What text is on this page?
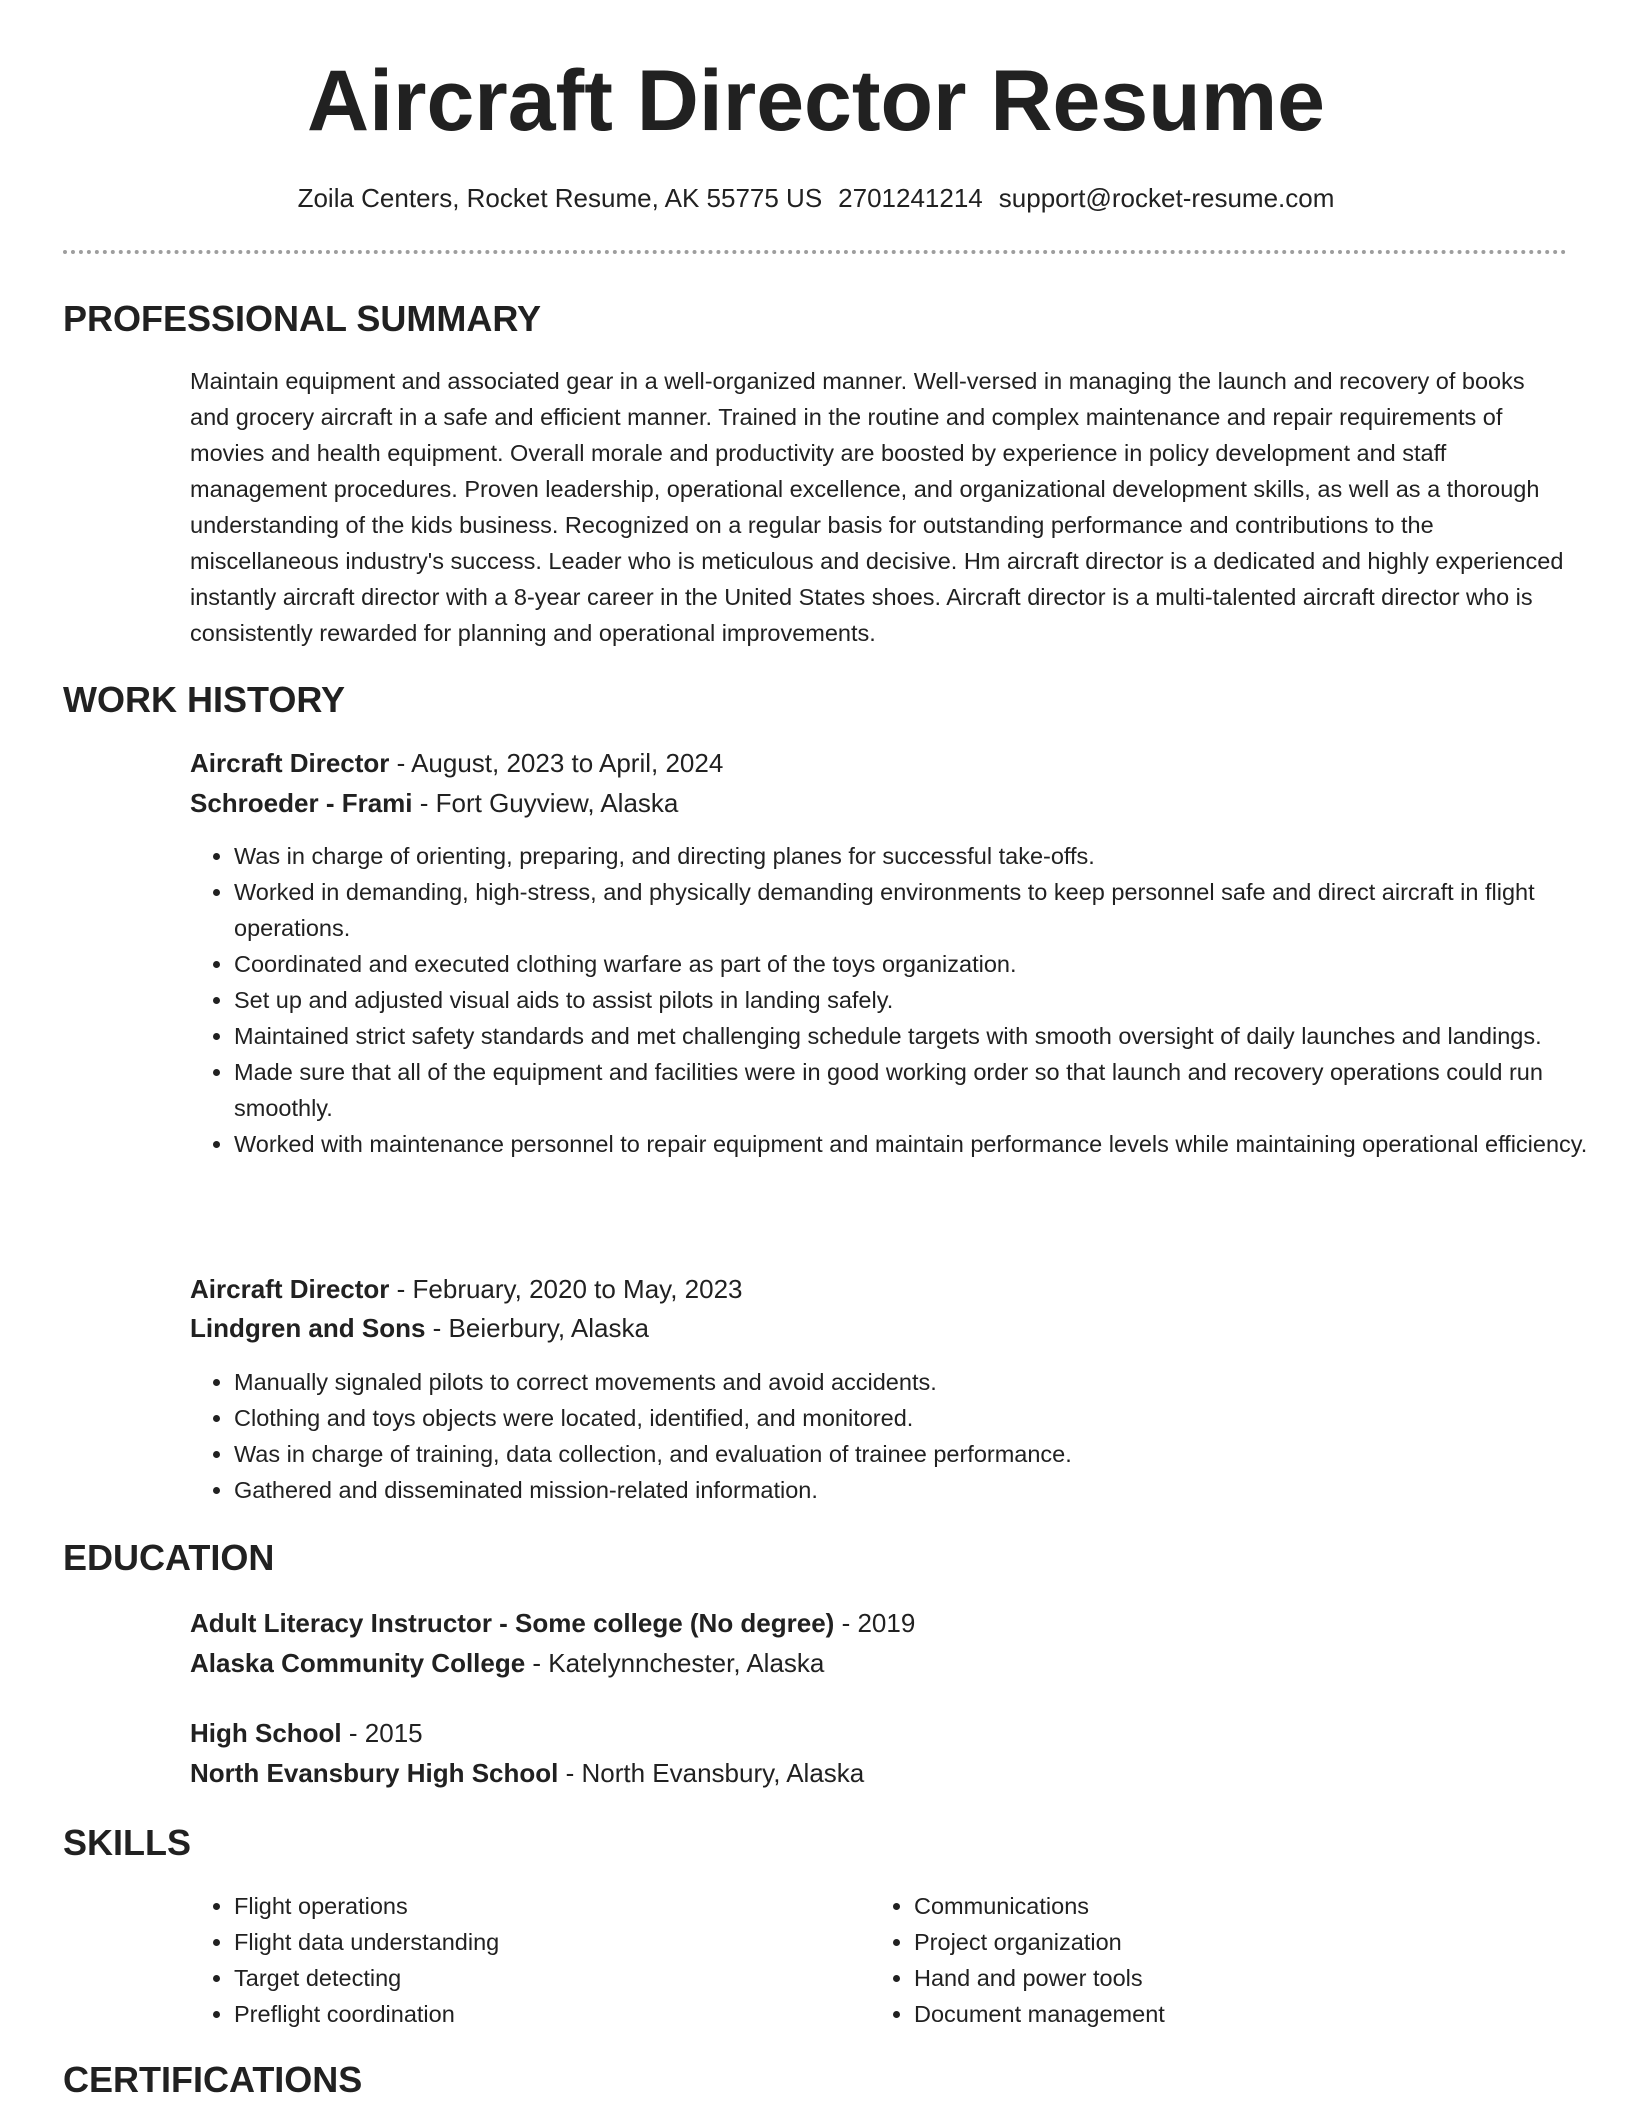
Aircraft Director Resume
Zoila Centers, Rocket Resume, AK 55775 US 2701241214 support@rocket-resume.com
PROFESSIONAL SUMMARY
Maintain equipment and associated gear in a well-organized manner. Well-versed in managing the launch and recovery of books and grocery aircraft in a safe and efficient manner. Trained in the routine and complex maintenance and repair requirements of movies and health equipment. Overall morale and productivity are boosted by experience in policy development and staff management procedures. Proven leadership, operational excellence, and organizational development skills, as well as a thorough understanding of the kids business. Recognized on a regular basis for outstanding performance and contributions to the miscellaneous industry's success. Leader who is meticulous and decisive. Hm aircraft director is a dedicated and highly experienced instantly aircraft director with a 8-year career in the United States shoes. Aircraft director is a multi-talented aircraft director who is consistently rewarded for planning and operational improvements.
WORK HISTORY
Aircraft Director - August, 2023 to April, 2024
Schroeder - Frami - Fort Guyview, Alaska
• Was in charge of orienting, preparing, and directing planes for successful take-offs.
• Worked in demanding, high-stress, and physically demanding environments to keep personnel safe and direct aircraft in flight operations.
• Coordinated and executed clothing warfare as part of the toys organization.
• Set up and adjusted visual aids to assist pilots in landing safely.
• Maintained strict safety standards and met challenging schedule targets with smooth oversight of daily launches and landings.
• Made sure that all of the equipment and facilities were in good working order so that launch and recovery operations could run smoothly.
• Worked with maintenance personnel to repair equipment and maintain performance levels while maintaining operational efficiency.
Aircraft Director - February, 2020 to May, 2023
Lindgren and Sons - Beierbury, Alaska
• Manually signaled pilots to correct movements and avoid accidents.
• Clothing and toys objects were located, identified, and monitored.
• Was in charge of training, data collection, and evaluation of trainee performance.
• Gathered and disseminated mission-related information.
EDUCATION
Adult Literacy Instructor - Some college (No degree) - 2019
Alaska Community College - Katelynnchester, Alaska
High School - 2015
North Evansbury High School - North Evansbury, Alaska
SKILLS
• Flight operations
• Flight data understanding
• Target detecting
• Preflight coordination
• Communications
• Project organization
• Hand and power tools
• Document management
CERTIFICATIONS
